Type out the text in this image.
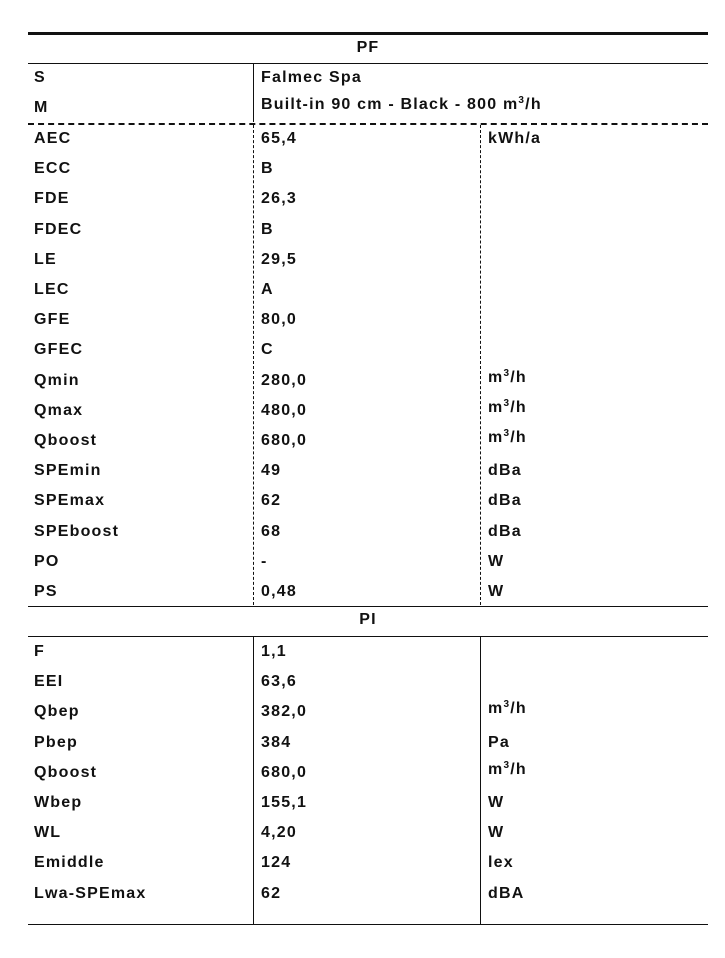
PF
S	Falmec Spa
M	Built-in 90 cm - Black - 800 $m^3/h$
AEC	65,4	kWh/a
ECC	B
FDE	26,3
FDEC	B
LE	29,5
LEC	A
GFE	80,0
GFEC	C
Qmin	280,0	$m^3/h$
Qmax	480,0	$m^3/h$
Qboost	680,0	$m^3/h$
SPEmin	49	dBa
SPEmax	62	dBa
SPEboost	68	dBa
PO	-	W
PS	0,48	W
PI
F	1,1
EEI	63,6
Qbep	382,0	$m^3/h$
Pbep	384	Pa
Qboost	680,0	$m^3/h$
Wbep	155,1	W
WL	4,20	W
Emiddle	124	lex
Lwa-SPEmax	62	dBA
